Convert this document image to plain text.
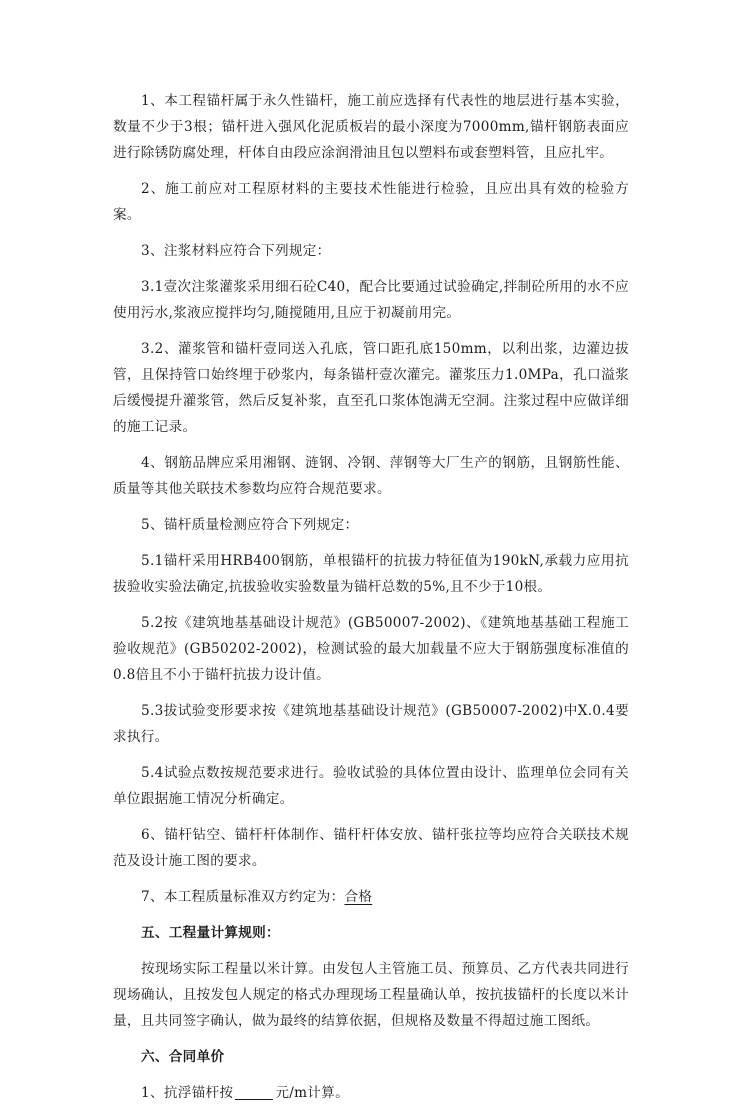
1、本工程锚杆属于永久性锚杆，施工前应选择有代表性的地层进行基本实验，数量不少于3根；锚杆进入强风化泥质板岩的最小深度为7000mm,锚杆钢筋表面应进行除锈防腐处理，杆体自由段应涂润滑油且包以塑料布或套塑料管，且应扎牢。

2、施工前应对工程原材料的主要技术性能进行检验，且应出具有效的检验方案。

3、注浆材料应符合下列规定：

3.1壹次注浆灌浆采用细石砼C40，配合比要通过试验确定,拌制砼所用的水不应使用污水,浆液应搅拌均匀,随搅随用,且应于初凝前用完。

3.2、灌浆管和锚杆壹同送入孔底，管口距孔底150mm，以利出浆，边灌边拔管，且保持管口始终埋于砂浆内，每条锚杆壹次灌完。灌浆压力1.0MPa，孔口溢浆后缓慢提升灌浆管，然后反复补浆，直至孔口浆体饱满无空洞。注浆过程中应做详细的施工记录。

4、钢筋品牌应采用湘钢、涟钢、冷钢、萍钢等大厂生产的钢筋，且钢筋性能、质量等其他关联技术参数均应符合规范要求。

5、锚杆质量检测应符合下列规定：

5.1锚杆采用HRB400钢筋，单根锚杆的抗拔力特征值为190kN,承载力应用抗拔验收实验法确定,抗拔验收实验数量为锚杆总数的5%,且不少于10根。

5.2按《建筑地基基础设计规范》(GB50007-2002)、《建筑地基基础工程施工验收规范》(GB50202-2002)，检测试验的最大加载量不应大于钢筋强度标准值的0.8倍且不小于锚杆抗拔力设计值。

5.3拔试验变形要求按《建筑地基基础设计规范》(GB50007-2002)中X.0.4要求执行。

5.4试验点数按规范要求进行。验收试验的具体位置由设计、监理单位会同有关单位跟据施工情况分析确定。

6、锚杆钻空、锚杆杆体制作、锚杆杆体安放、锚杆张拉等均应符合关联技术规范及设计施工图的要求。

7、本工程质量标准双方约定为：合格

五、工程量计算规则：

按现场实际工程量以米计算。由发包人主管施工员、预算员、乙方代表共同进行现场确认，且按发包人规定的格式办理现场工程量确认单，按抗拔锚杆的长度以米计量，且共同签字确认，做为最终的结算依据，但规格及数量不得超过施工图纸。

六、合同单价

1、抗浮锚杆按	元/m计算。
